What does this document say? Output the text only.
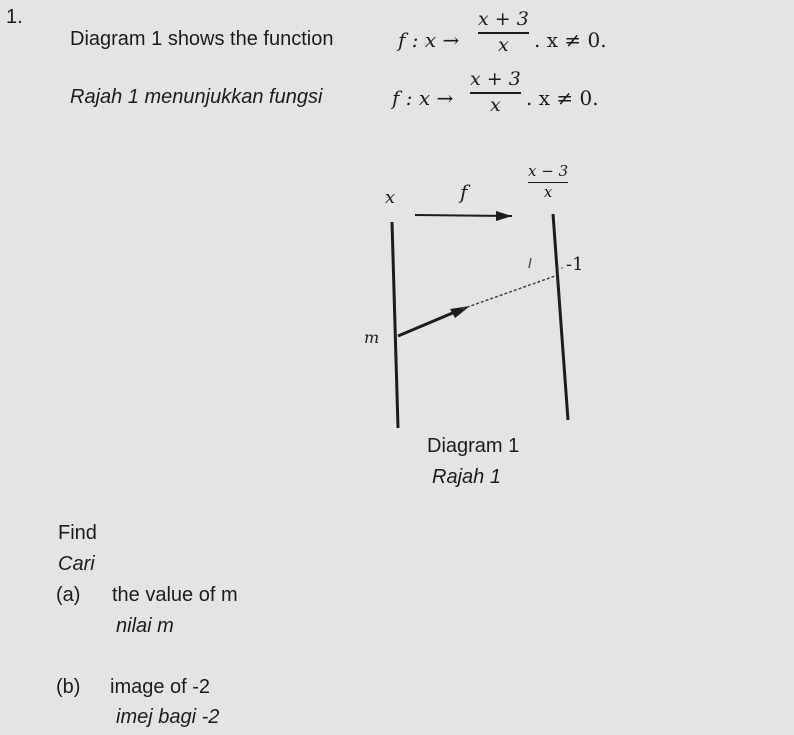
1.
Diagram 1 shows the function	f : x →
x + 3
x	. x ≠ 0.
Rajah 1 menunjukkan fungsi	f : x →
x + 3
x	. x ≠ 0.
x	f
x − 3
x
-1
m
Diagram 1
Rajah 1
Find
Cari
(a) the value of m
nilai m
(b) image of -2
imej bagi -2
